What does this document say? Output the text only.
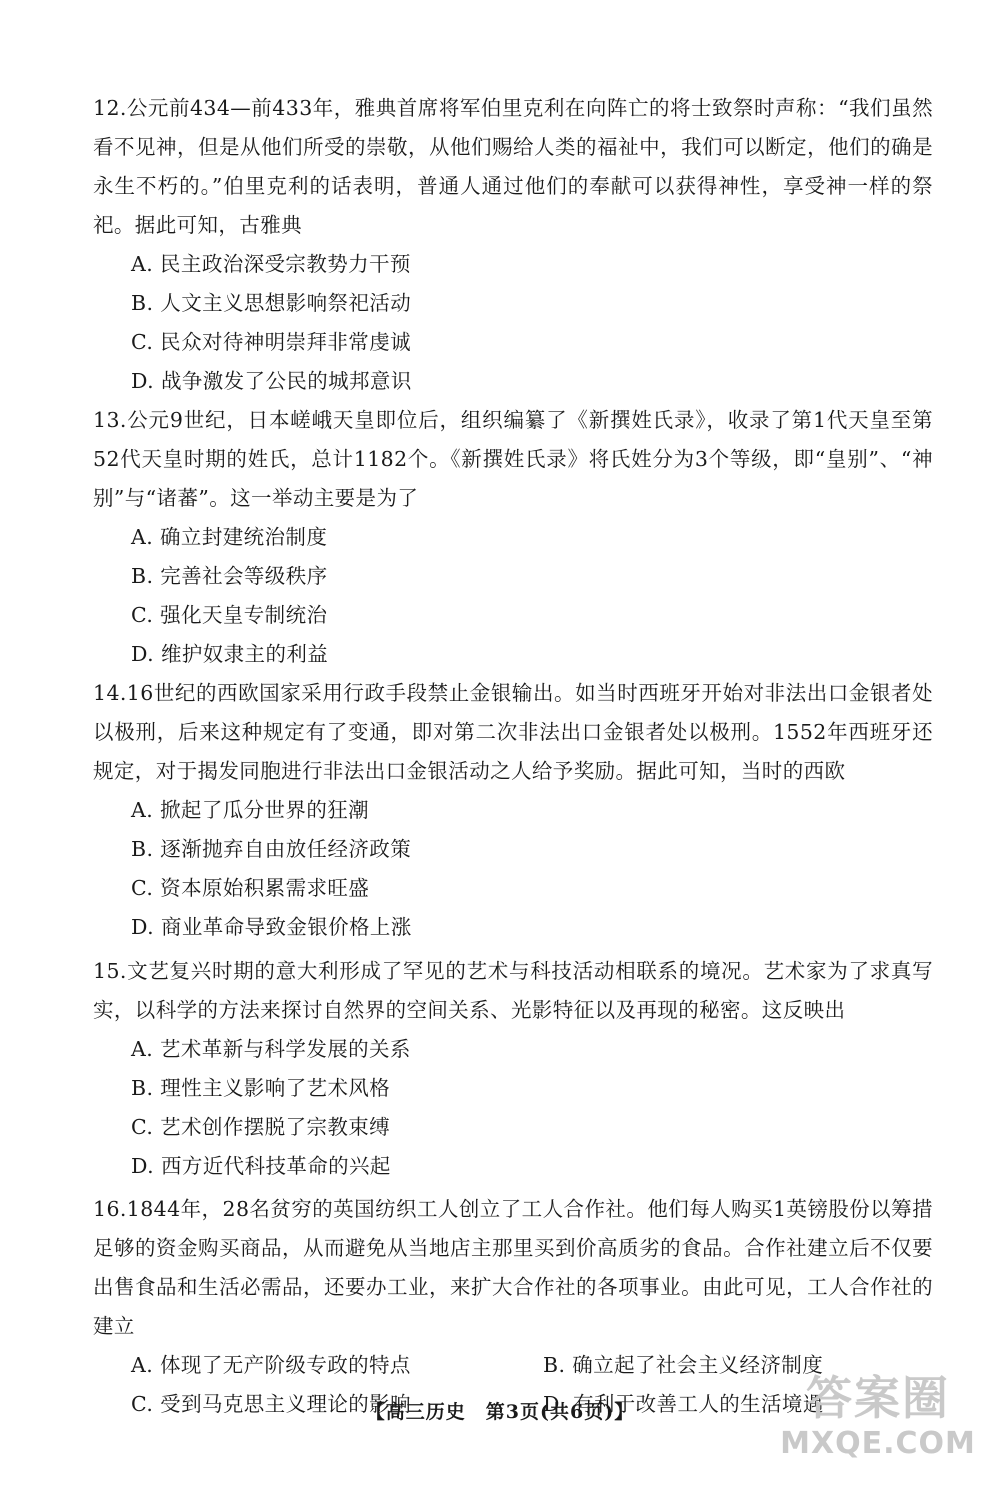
12.公元前434—前433年，雅典首席将军伯里克利在向阵亡的将士致祭时声称：“我们虽然看不见神，但是从他们所受的崇敬，从他们赐给人类的福祉中，我们可以断定，他们的确是永生不朽的。”伯里克利的话表明，普通人通过他们的奉献可以获得神性，享受神一样的祭祀。据此可知，古雅典

A. 民主政治深受宗教势力干预

B. 人文主义思想影响祭祀活动

C. 民众对待神明崇拜非常虔诚

D. 战争激发了公民的城邦意识

13.公元9世纪，日本嵯峨天皇即位后，组织编纂了《新撰姓氏录》，收录了第1代天皇至第52代天皇时期的姓氏，总计1182个。《新撰姓氏录》将氏姓分为3个等级，即“皇别”、“神别”与“诸蕃”。这一举动主要是为了

A. 确立封建统治制度

B. 完善社会等级秩序

C. 强化天皇专制统治

D. 维护奴隶主的利益

14.16世纪的西欧国家采用行政手段禁止金银输出。如当时西班牙开始对非法出口金银者处以极刑，后来这种规定有了变通，即对第二次非法出口金银者处以极刑。1552年西班牙还规定，对于揭发同胞进行非法出口金银活动之人给予奖励。据此可知，当时的西欧

A. 掀起了瓜分世界的狂潮

B. 逐渐抛弃自由放任经济政策

C. 资本原始积累需求旺盛

D. 商业革命导致金银价格上涨

15.文艺复兴时期的意大利形成了罕见的艺术与科技活动相联系的境况。艺术家为了求真写实，以科学的方法来探讨自然界的空间关系、光影特征以及再现的秘密。这反映出

A. 艺术革新与科学发展的关系

B. 理性主义影响了艺术风格

C. 艺术创作摆脱了宗教束缚

D. 西方近代科技革命的兴起

16.1844年，28名贫穷的英国纺织工人创立了工人合作社。他们每人购买1英镑股份以筹措足够的资金购买商品，从而避免从当地店主那里买到价高质劣的食品。合作社建立后不仅要出售食品和生活必需品，还要办工业，来扩大合作社的各项事业。由此可见，工人合作社的建立

A. 体现了无产阶级专政的特点	B. 确立起了社会主义经济制度

C. 受到马克思主义理论的影响	D. 有利于改善工人的生活境遇

【高三历史　第3页(共6页)】	答案圈
MXQE.COM
